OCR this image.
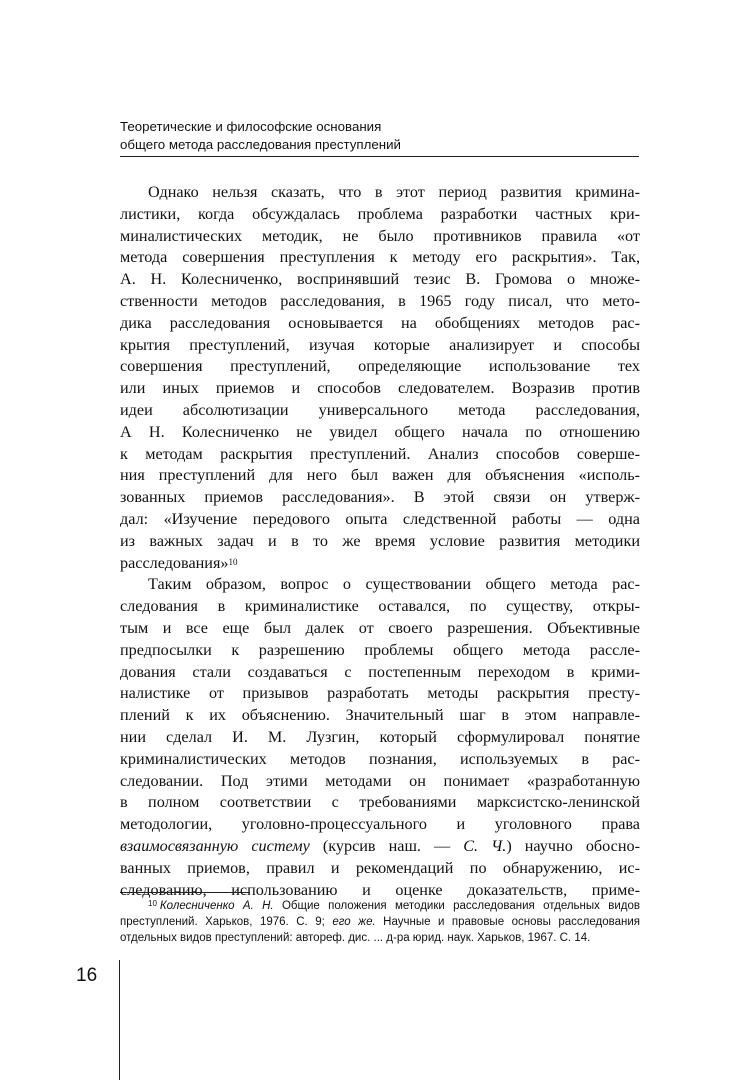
Теоретические и философские основания
общего метода расследования преступлений
Однако нельзя сказать, что в этот период развития кримина-
листики, когда обсуждалась проблема разработки частных кри-
миналистических методик, не было противников правила «от
метода совершения преступления к методу его раскрытия». Так,
А. Н. Колесниченко, воспринявший тезис В. Громова о множе-
ственности методов расследования, в 1965 году писал, что мето-
дика расследования основывается на обобщениях методов рас-
крытия преступлений, изучая которые анализирует и способы
совершения преступлений, определяющие использование тех
или иных приемов и способов следователем. Возразив против
идеи абсолютизации универсального метода расследования,
А Н. Колесниченко не увидел общего начала по отношению
к методам раскрытия преступлений. Анализ способов соверше-
ния преступлений для него был важен для объяснения «исполь-
зованных приемов расследования». В этой связи он утверж-
дал: «Изучение передового опыта следственной работы — одна
из важных задач и в то же время условие развития методики
расследования»$^{10}$
Таким образом, вопрос о существовании общего метода рас-
следования в криминалистике оставался, по существу, откры-
тым и все еще был далек от своего разрешения. Объективные
предпосылки к разрешению проблемы общего метода рассле-
дования стали создаваться с постепенным переходом в крими-
налистике от призывов разработать методы раскрытия престу-
плений к их объяснению. Значительный шаг в этом направле-
нии сделал И. М. Лузгин, который сформулировал понятие
криминалистических методов познания, используемых в рас-
следовании. Под этими методами он понимает «разработанную
в полном соответствии с требованиями марксистско-ленинской
методологии, уголовно-процессуального и уголовного права
взаимосвязанную систему (курсив наш. — С. Ч.) научно обосно-
ванных приемов, правил и рекомендаций по обнаружению, ис-
следованию, использованию и оценке доказательств, приме-
$^{10}$ Колесниченко А. Н. Общие положения методики расследования отдельных видов
преступлений. Харьков, 1976. С. 9; его же. Научные и правовые основы расследования
отдельных видов преступлений: автореф. дис. ... д-ра юрид. наук. Харьков, 1967. С. 14.
16
